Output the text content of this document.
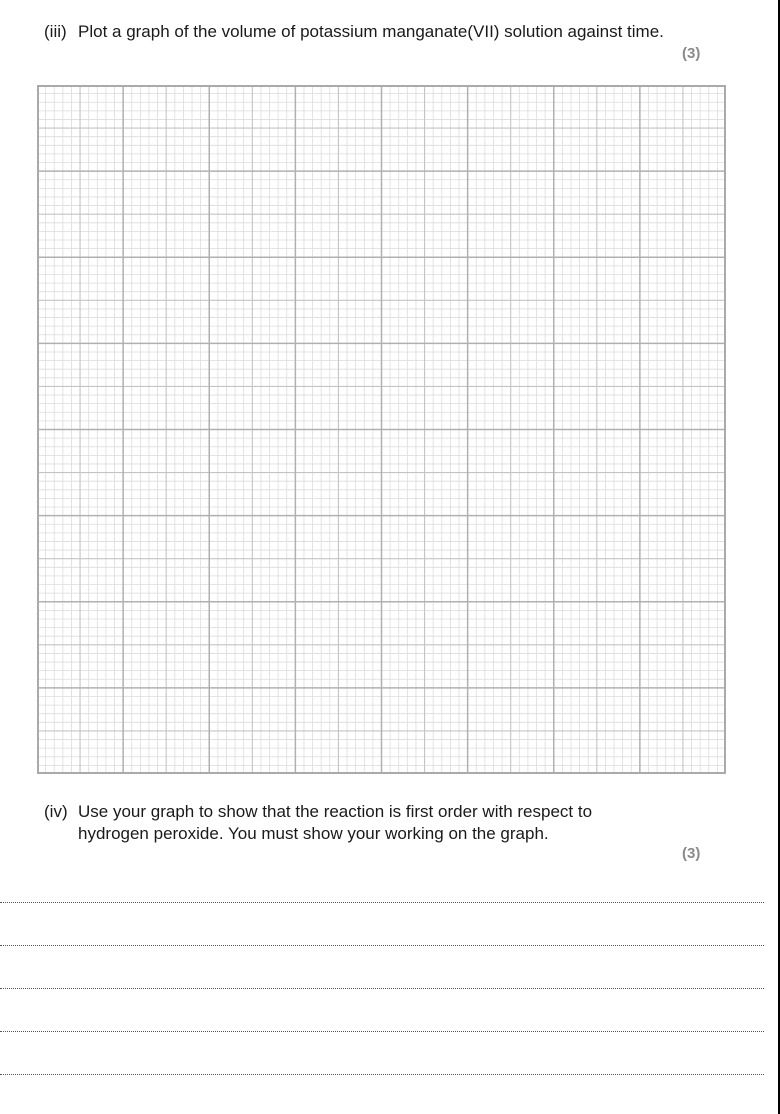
(iii) Plot a graph of the volume of potassium manganate(VII) solution against time.
(3)
(iv) Use your graph to show that the reaction is first order with respect to
hydrogen peroxide. You must show your working on the graph.
(3)
